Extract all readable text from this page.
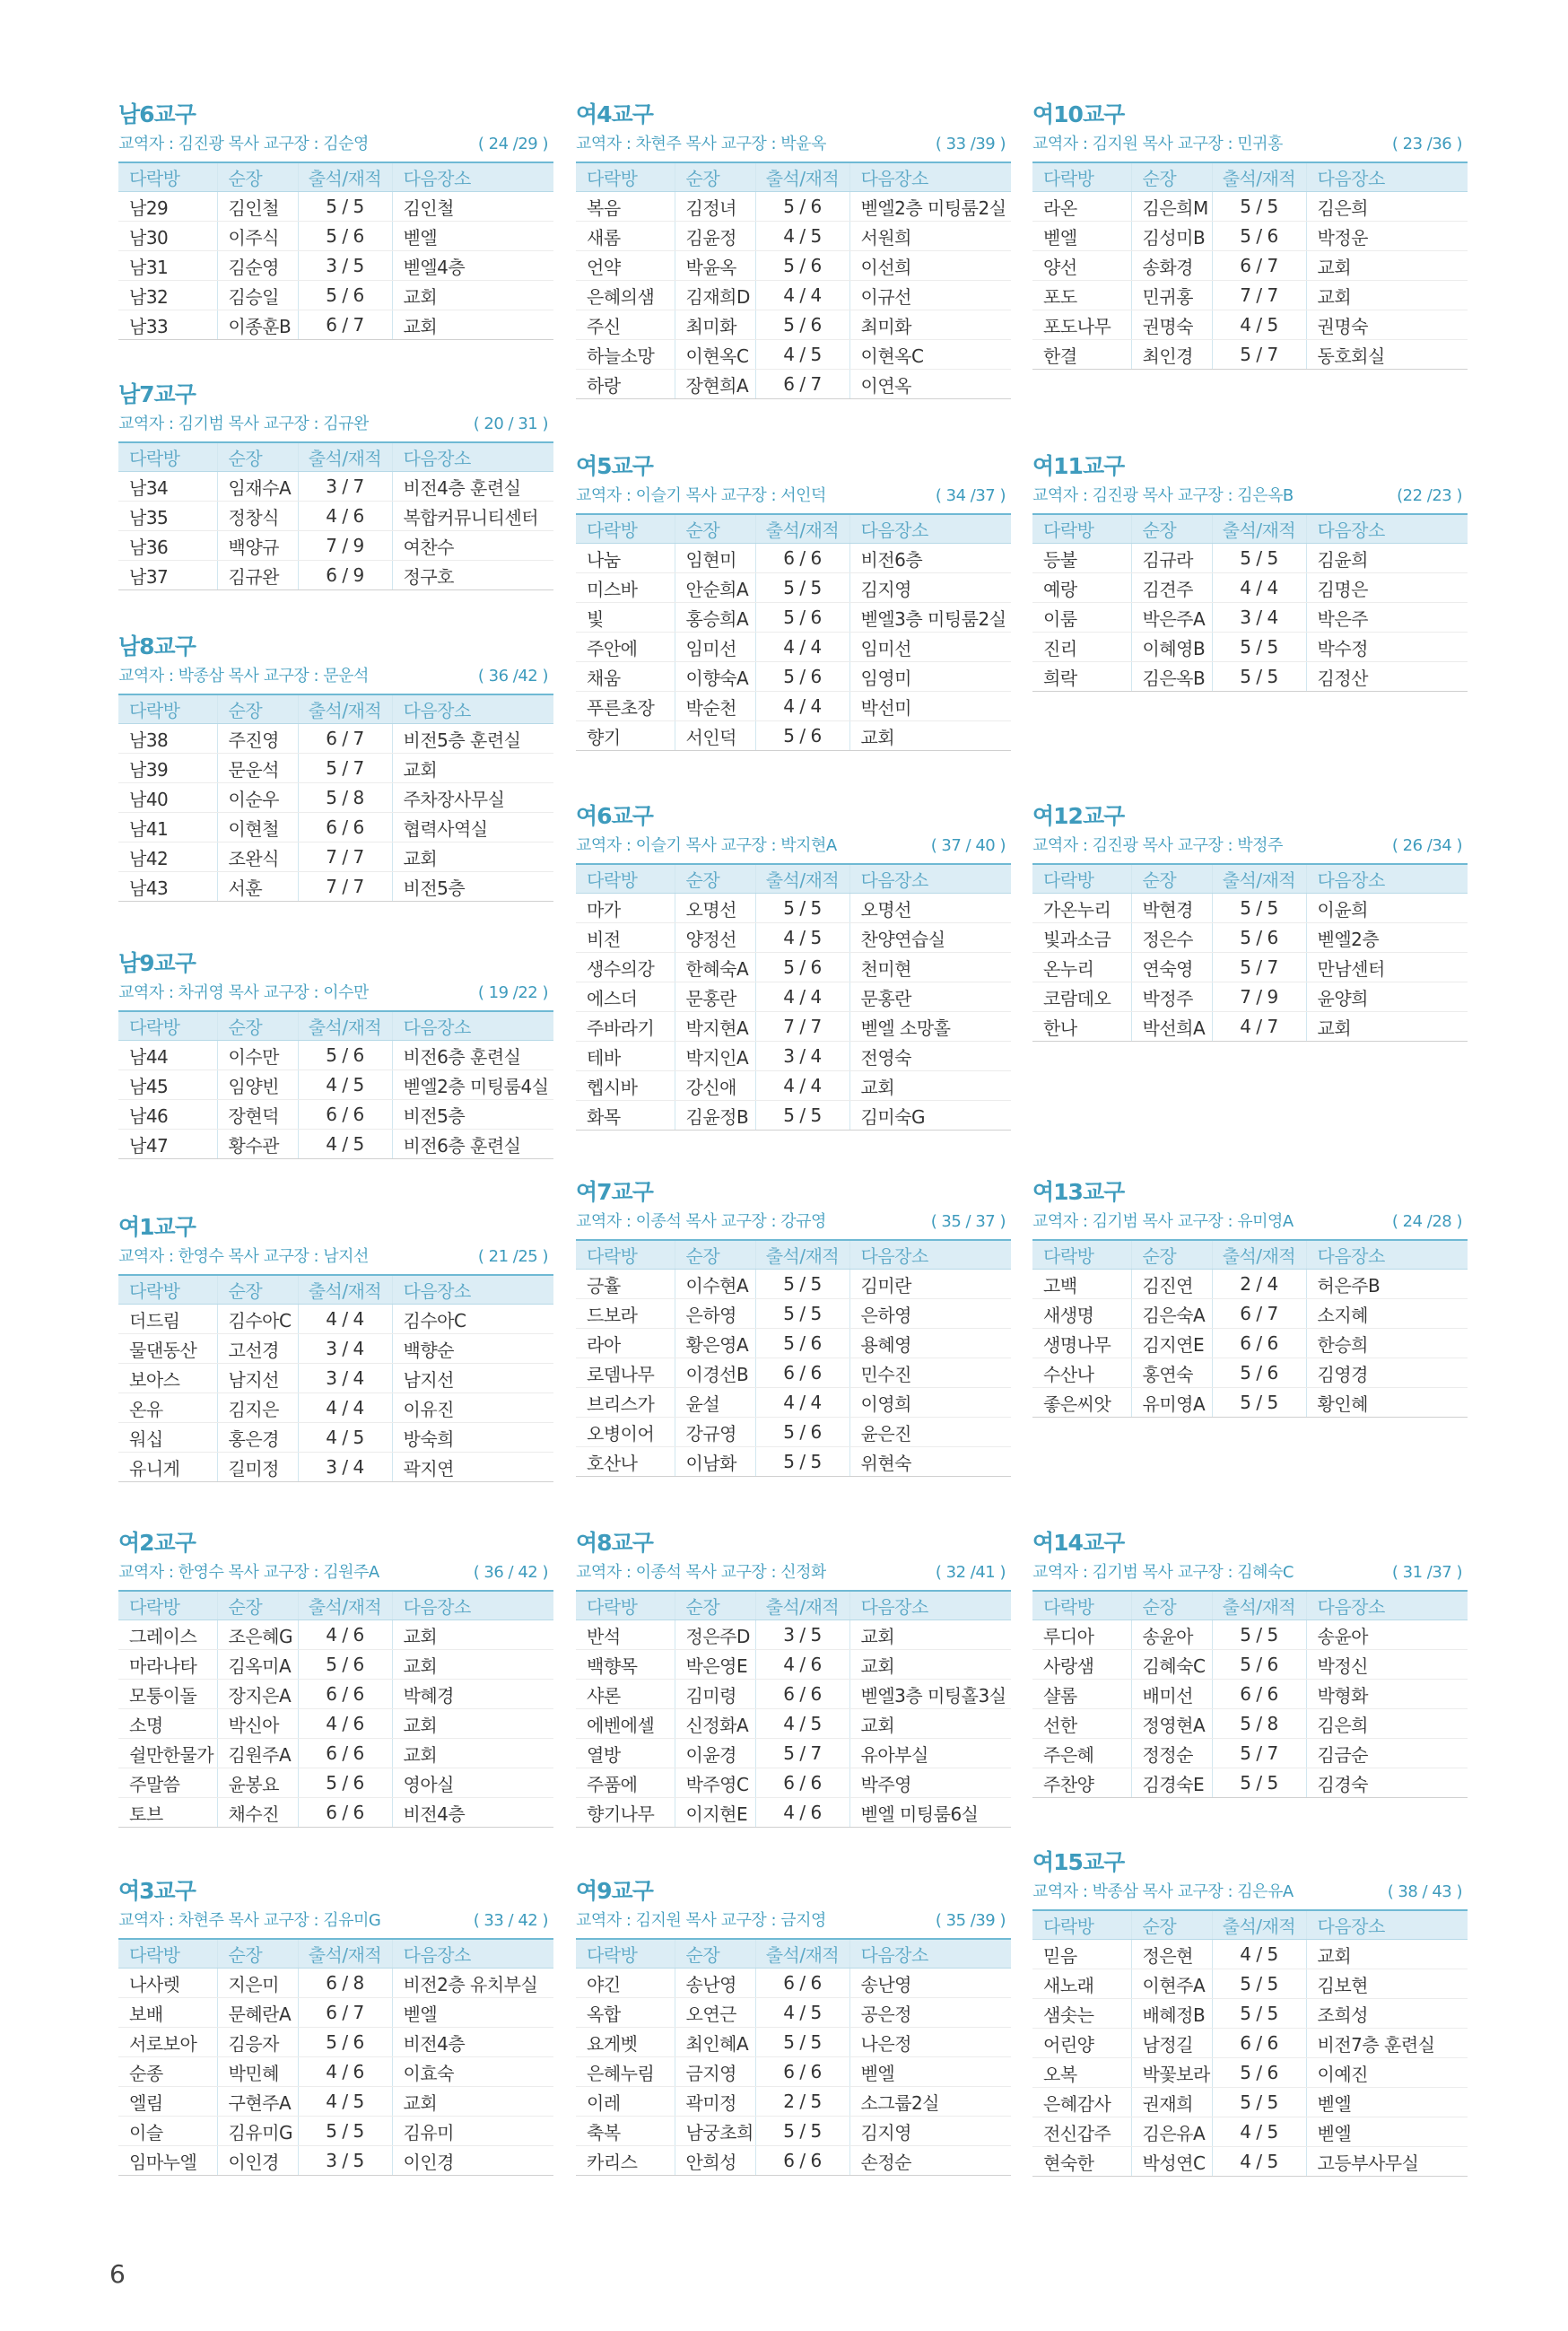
남6교구
교역자 : 김진광 목사 교구장 : 김순영	( 24 /29 )
다락방	순장	출석/재적	다음장소
남29	김인철	5 / 5	김인철
남30	이주식	5 / 6	벧엘
남31	김순영	3 / 5	벧엘4층
남32	김승일	5 / 6	교회
남33	이종훈B	6 / 7	교회
남7교구
교역자 : 김기범 목사 교구장 : 김규완	( 20 / 31 )
다락방	순장	출석/재적	다음장소
남34	임재수A	3 / 7	비전4층 훈련실
남35	정창식	4 / 6	복합커뮤니티센터
남36	백양규	7 / 9	여찬수
남37	김규완	6 / 9	정구호
남8교구
교역자 : 박종삼 목사 교구장 : 문운석	( 36 /42 )
다락방	순장	출석/재적	다음장소
남38	주진영	6 / 7	비전5층 훈련실
남39	문운석	5 / 7	교회
남40	이순우	5 / 8	주차장사무실
남41	이현철	6 / 6	협력사역실
남42	조완식	7 / 7	교회
남43	서훈	7 / 7	비전5층
남9교구
교역자 : 차귀영 목사 교구장 : 이수만	( 19 /22 )
다락방	순장	출석/재적	다음장소
남44	이수만	5 / 6	비전6층 훈련실
남45	임양빈	4 / 5	벧엘2층 미팅룸4실
남46	장현덕	6 / 6	비전5층
남47	황수관	4 / 5	비전6층 훈련실
여1교구
교역자 : 한영수 목사 교구장 : 남지선	( 21 /25 )
다락방	순장	출석/재적	다음장소
더드림	김수아C	4 / 4	김수아C
물댄동산	고선경	3 / 4	백향순
보아스	남지선	3 / 4	남지선
온유	김지은	4 / 4	이유진
워십	홍은경	4 / 5	방숙희
유니게	길미정	3 / 4	곽지연
여2교구
교역자 : 한영수 목사 교구장 : 김원주A	( 36 / 42 )
다락방	순장	출석/재적	다음장소
그레이스	조은혜G	4 / 6	교회
마라나타	김옥미A	5 / 6	교회
모퉁이돌	장지은A	6 / 6	박혜경
소명	박신아	4 / 6	교회
쉴만한물가	김원주A	6 / 6	교회
주말씀	윤봉요	5 / 6	영아실
토브	채수진	6 / 6	비전4층
여3교구
교역자 : 차현주 목사 교구장 : 김유미G	( 33 / 42 )
다락방	순장	출석/재적	다음장소
나사렛	지은미	6 / 8	비전2층 유치부실
보배	문혜란A	6 / 7	벧엘
서로보아	김응자	5 / 6	비전4층
순종	박민혜	4 / 6	이효숙
엘림	구현주A	4 / 5	교회
이슬	김유미G	5 / 5	김유미
임마누엘	이인경	3 / 5	이인경
여4교구
교역자 : 차현주 목사 교구장 : 박윤옥	( 33 /39 )
다락방	순장	출석/재적	다음장소
복음	김정녀	5 / 6	벧엘2층 미팅룸2실
새롬	김윤정	4 / 5	서원희
언약	박윤옥	5 / 6	이선희
은혜의샘	김재희D	4 / 4	이규선
주신	최미화	5 / 6	최미화
하늘소망	이현옥C	4 / 5	이현옥C
하랑	장현희A	6 / 7	이연옥
여5교구
교역자 : 이슬기 목사 교구장 : 서인덕	( 34 /37 )
다락방	순장	출석/재적	다음장소
나눔	임현미	6 / 6	비전6층
미스바	안순희A	5 / 5	김지영
빛	홍승희A	5 / 6	벧엘3층 미팅룸2실
주안에	임미선	4 / 4	임미선
채움	이향숙A	5 / 6	임영미
푸른초장	박순천	4 / 4	박선미
향기	서인덕	5 / 6	교회
여6교구
교역자 : 이슬기 목사 교구장 : 박지현A	( 37 / 40 )
다락방	순장	출석/재적	다음장소
마가	오명선	5 / 5	오명선
비전	양정선	4 / 5	찬양연습실
생수의강	한혜숙A	5 / 6	천미현
에스더	문홍란	4 / 4	문홍란
주바라기	박지현A	7 / 7	벧엘 소망홀
테바	박지인A	3 / 4	전영숙
헵시바	강신애	4 / 4	교회
화목	김윤정B	5 / 5	김미숙G
여7교구
교역자 : 이종석 목사 교구장 : 강규영	( 35 / 37 )
다락방	순장	출석/재적	다음장소
긍휼	이수현A	5 / 5	김미란
드보라	은하영	5 / 5	은하영
라아	황은영A	5 / 6	용혜영
로뎀나무	이경선B	6 / 6	민수진
브리스가	윤설	4 / 4	이영희
오병이어	강규영	5 / 6	윤은진
호산나	이남화	5 / 5	위현숙
여8교구
교역자 : 이종석 목사 교구장 : 신정화	( 32 /41 )
다락방	순장	출석/재적	다음장소
반석	정은주D	3 / 5	교회
백향목	박은영E	4 / 6	교회
샤론	김미령	6 / 6	벧엘3층 미팅홀3실
에벤에셀	신정화A	4 / 5	교회
열방	이윤경	5 / 7	유아부실
주품에	박주영C	6 / 6	박주영
향기나무	이지현E	4 / 6	벧엘 미팅룸6실
여9교구
교역자 : 김지원 목사 교구장 : 금지영	( 35 /39 )
다락방	순장	출석/재적	다음장소
야긴	송난영	6 / 6	송난영
옥합	오연근	4 / 5	공은정
요게벳	최인혜A	5 / 5	나은정
은혜누림	금지영	6 / 6	벧엘
이레	곽미정	2 / 5	소그룹2실
축복	남궁초희	5 / 5	김지영
카리스	안희성	6 / 6	손정순
여10교구
교역자 : 김지원 목사 교구장 : 민귀홍	( 23 /36 )
다락방	순장	출석/재적	다음장소
라온	김은희M	5 / 5	김은희
벧엘	김성미B	5 / 6	박정운
양선	송화경	6 / 7	교회
포도	민귀홍	7 / 7	교회
포도나무	권명숙	4 / 5	권명숙
한결	최인경	5 / 7	동호회실
여11교구
교역자 : 김진광 목사 교구장 : 김은옥B	(22 /23 )
다락방	순장	출석/재적	다음장소
등불	김규라	5 / 5	김윤희
예랑	김견주	4 / 4	김명은
이룸	박은주A	3 / 4	박은주
진리	이혜영B	5 / 5	박수정
희락	김은옥B	5 / 5	김정산
여12교구
교역자 : 김진광 목사 교구장 : 박정주	( 26 /34 )
다락방	순장	출석/재적	다음장소
가온누리	박현경	5 / 5	이윤희
빛과소금	정은수	5 / 6	벧엘2층
온누리	연숙영	5 / 7	만남센터
코람데오	박정주	7 / 9	윤양희
한나	박선희A	4 / 7	교회
여13교구
교역자 : 김기범 목사 교구장 : 유미영A	( 24 /28 )
다락방	순장	출석/재적	다음장소
고백	김진연	2 / 4	허은주B
새생명	김은숙A	6 / 7	소지혜
생명나무	김지연E	6 / 6	한승희
수산나	홍연숙	5 / 6	김영경
좋은씨앗	유미영A	5 / 5	황인혜
여14교구
교역자 : 김기범 목사 교구장 : 김혜숙C	( 31 /37 )
다락방	순장	출석/재적	다음장소
루디아	송윤아	5 / 5	송윤아
사랑샘	김혜숙C	5 / 6	박정신
샬롬	배미선	6 / 6	박형화
선한	정영현A	5 / 8	김은희
주은혜	정정순	5 / 7	김금순
주찬양	김경숙E	5 / 5	김경숙
여15교구
교역자 : 박종삼 목사 교구장 : 김은유A	( 38 / 43 )
다락방	순장	출석/재적	다음장소
믿음	정은현	4 / 5	교회
새노래	이현주A	5 / 5	김보현
샘솟는	배혜정B	5 / 5	조희성
어린양	남정길	6 / 6	비전7층 훈련실
오복	박꽃보라	5 / 6	이예진
은혜감사	권재희	5 / 5	벧엘
전신갑주	김은유A	4 / 5	벧엘
현숙한	박성연C	4 / 5	고등부사무실
6
